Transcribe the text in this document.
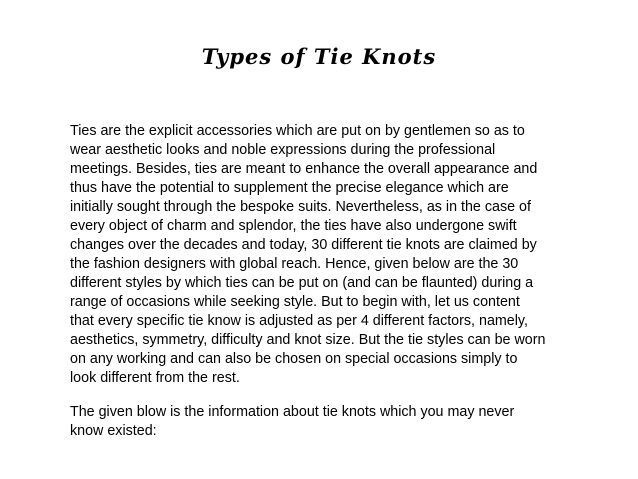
Types of Tie Knots

Ties are the explicit accessories which are put on by gentlemen so as to
wear aesthetic looks and noble expressions during the professional
meetings. Besides, ties are meant to enhance the overall appearance and
thus have the potential to supplement the precise elegance which are
initially sought through the bespoke suits. Nevertheless, as in the case of
every object of charm and splendor, the ties have also undergone swift
changes over the decades and today, 30 different tie knots are claimed by
the fashion designers with global reach. Hence, given below are the 30
different styles by which ties can be put on (and can be flaunted) during a
range of occasions while seeking style. But to begin with, let us content
that every specific tie know is adjusted as per 4 different factors, namely,
aesthetics, symmetry, difficulty and knot size. But the tie styles can be worn
on any working and can also be chosen on special occasions simply to
look different from the rest.

The given blow is the information about tie knots which you may never
know existed:
